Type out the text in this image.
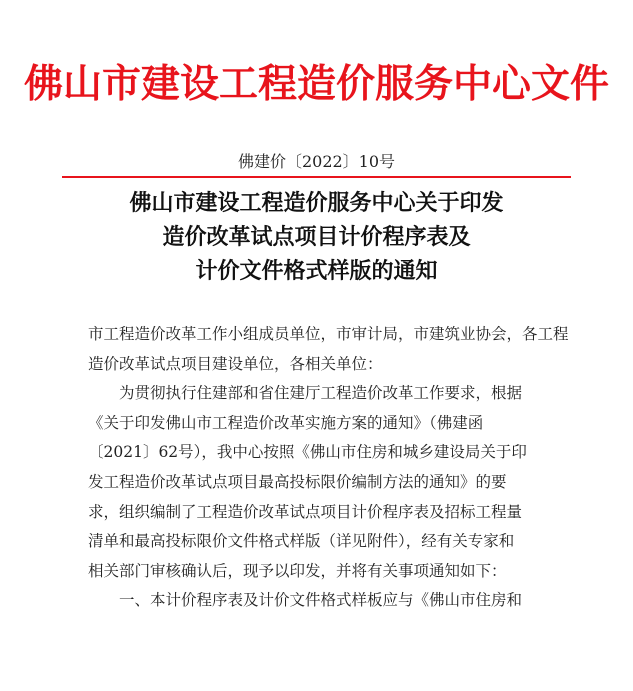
佛山市建设工程造价服务中心文件
佛建价〔2022〕10号
佛山市建设工程造价服务中心关于印发
造价改革试点项目计价程序表及
计价文件格式样版的通知
市工程造价改革工作小组成员单位，市审计局，市建筑业协会，各工程
造价改革试点项目建设单位，各相关单位：
为贯彻执行住建部和省住建厅工程造价改革工作要求，根据
《关于印发佛山市工程造价改革实施方案的通知》（佛建函
〔2021〕62号），我中心按照《佛山市住房和城乡建设局关于印
发工程造价改革试点项目最高投标限价编制方法的通知》的要
求，组织编制了工程造价改革试点项目计价程序表及招标工程量
清单和最高投标限价文件格式样版（详见附件），经有关专家和
相关部门审核确认后，现予以印发，并将有关事项通知如下：
一、本计价程序表及计价文件格式样板应与《佛山市住房和
